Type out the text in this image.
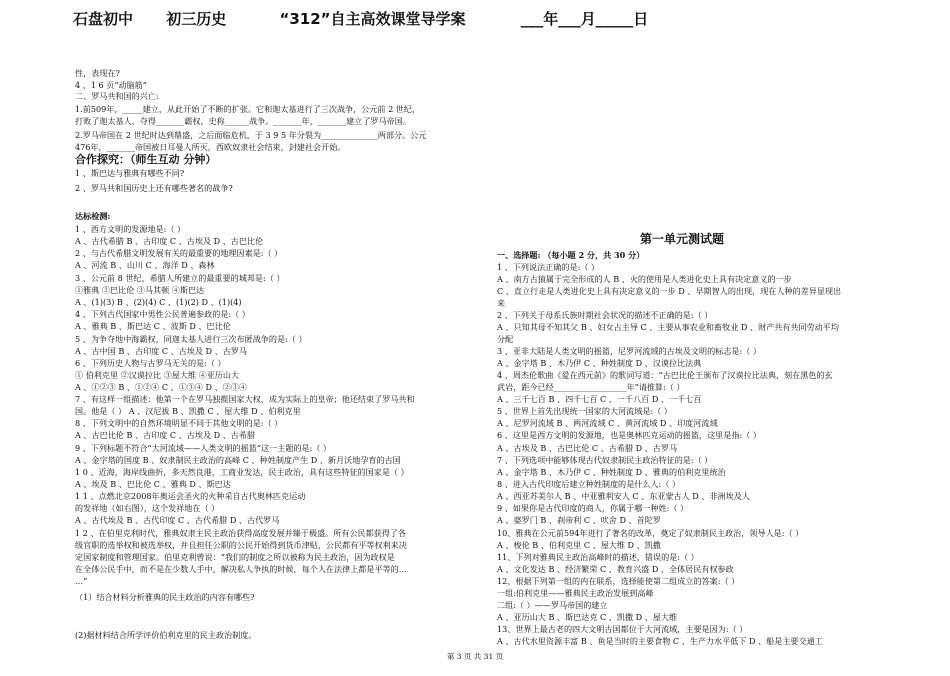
石盘初中 初三历史	“312”自主高效课堂导学案	___年___月_____日
性，表现在?
4 、1 6 页“动脑筋”
二、罗马共和国的兴亡:
1.前509年，_____建立，从此开始了不断的扩张。它和迦太基进行了三次战争，公元前 2 世纪，
打败了迦太基人，夺得_______霸权，史称______战争。_______年，_______建立了罗马帝国。
2.罗马帝国在 2 世纪时达到鼎盛，之后面临危机，于 3 9 5 年分裂为______________两部分。公元
476年，_______帝国被日耳曼人所灭，西欧奴隶社会结束，封建社会开始。
合作探究：（师生互动 分钟）
1 、斯巴达与雅典有哪些不同?
2 、罗马共和国历史上还有哪些著名的战争?
达标检测:
1 、西方文明的发源地是:（ ）
A 、古代希腊 B 、古印度 C 、古埃及 D 、古巴比伦
2 、与古代希腊文明发展有关的最重要的地理因素是:（ ）
A 、河流 B 、山川 C 、海洋 D 、森林
3 、公元前 8 世纪，希腊人所建立的最重要的城邦是:（ ）
①雅典 ②巴比伦 ③马其顿 ④斯巴达
A 、(1)(3) B 、(2)(4) C 、(1)(2) D 、(1)(4)
4 、下列古代国家中男性公民普遍参政的是:（ ）
A 、雅典 B 、斯巴达 C 、波斯 D 、巴比伦
5 、为争夺地中海霸权，同迦太基人进行三次布匿战争的是:（ ）
A 、古中国 B 、古印度 C 、古埃及 D 、古罗马
6 、下列历史人物与古罗马无关的是:（ ）
① 伯利克里 ②汉谟拉比 ③屋大维 ④亚历山大
A 、①②③ B 、①②④ C 、①③④ D 、②③④
7 、有这样一组描述：他第一个在罗马独揽国家大权，成为实际上的皇帝；他还结束了罗马共和
国。他是（ ） A 、汉尼拔 B 、凯撒 C 、屋大维 D 、伯利克里
8 、下列文明中的自然环境明显不同于其他文明的是:（ ）
A 、古巴比伦 B 、古印度 C 、古埃及 D 、古希腊
9 、下列标题不符合“大河流域——人类文明的摇篮”这一主题的是:（ ）
A 、金字塔的国度 B 、奴隶制民主政治的高峰 C 、种姓制度产生 D 、新月沃地孕育的古国
1 0 、近海，海岸线曲折，多天然良港，工商业发达，民主政治，具有这些特征的国家是（ ）
A 、埃及 B 、巴比伦 C 、雅典 D 、斯巴达
1 1 、点燃北京2008年奥运会圣火的火种采自古代奥林匹克运动
的发祥地（如右图），这个发祥地在（ ）
A 、古代埃及 B 、古代印度 C 、古代希腊 D 、古代罗马
1 2 、在伯里克利时代，雅典奴隶主民主政治获得高度发展并臻于极盛。所有公民都获得了各
级官职的选举权和被选举权，并且担任公职的公民开始得到货币津贴，公民都有平等权利来决
定国家制度和管理国家。伯里克利曾说：“我们的制度之所以被称为民主政治，因为政权是
在全体公民手中，而不是在少数人手中，解决私人争执的时候，每个人在法律上都是平等的…
…”
（1）结合材料分析雅典的民主政治的内容有哪些?
(2)据材料结合所学评价伯利克里的民主政治制度。
第一单元测试题
一、选择题: （每小题 2 分，共 30 分）
1 、下列说法正确的是:（ ）
A 、南方古猿属于完全形成的人 B 、火的使用是人类进化史上具有决定意义的一步
C 、直立行走是人类进化史上具有决定意义的一步 D 、早期智人的出现，现在人种的差异显现出
来
2 、下列关于母系氏族时期社会状况的描述不正确的是:（ ）
A 、只知其母不知其父 B 、妇女占主导 C 、主要从事农业和畜牧业 D 、财产共有共同劳动平均
分配
3 、亚非大陆是人类文明的摇篮，尼罗河流域的古埃及文明的标志是:（ ）
A 、金字塔 B 、木乃伊 C 、种姓制度 D 、汉谟拉比法典
4 、周杰伦歌曲《爱在西元前》的歌词写道：“古巴比伦王颁布了汉谟拉比法典，刻在黑色的玄
武岩，距今已经__________________年”请推算:（ ）
A 、三千七百 B 、四千七百 C 、一千八百 D 、一千七百
5 、世界上首先出现统一国家的大河流域是:（ ）
A 、尼罗河流域 B 、两河流域 C 、黄河流域 D 、印度河流域
6 、这里是西方文明的发源地，也是奥林匹克运动的摇篮，这里是指:（ ）
A 、古埃及 B 、古巴比伦 C 、古希腊 D 、古罗马
7 、下列选项中能够体现古代奴隶制民主政治特征的是:（ ）
A 、金字塔 B 、木乃伊 C 、种姓制度 D 、雅典的伯利克里统治
8 、进入古代印度后建立种姓制度的是什么人:（ ）
A 、西亚苏美尔人 B 、中亚雅利安人 C 、东亚蒙古人 D 、非洲埃及人
9 、如果你是古代印度的商人，你属于哪一种姓:（ ）
A 、婆罗门 B 、刹帝利 C 、吠舍 D 、首陀罗
10、雅典在公元前594年进行了著名的改革，奠定了奴隶制民主政治，领导人是:（ ）
A 、梭伦 B 、伯利克里 C 、屋大维 D 、凯撒
11、下列对雅典民主政治高峰时的描述，错误的是:（ ）
A 、文化发达 B 、经济繁荣 C 、教育兴盛 D 、全体居民有权参政
12、根据下列第一组的内在联系，选择能使第二组成立的答案:（ ）
一组:伯利克里——雅典民主政治发展到高峰
二组:（ ）——罗马帝国的建立
A 、亚历山大 B 、斯巴达克 C 、凯撒 D 、屋大维
13、世界上最古老的四大文明古国都位于大河流域，主要是因为:（ ）
A 、古代水里资源丰富 B 、鱼是当时的主要食物 C 、生产力水平低下 D 、船是主要交通工
第 3 页 共 31 页
